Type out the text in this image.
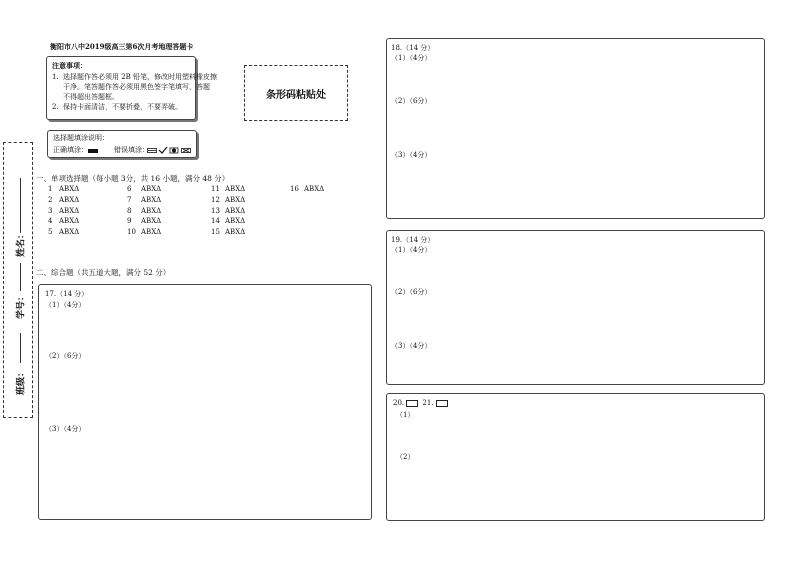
衡阳市八中2019级高三第6次月考地理答题卡
注意事项：
1. 选择题作答必须用 2B 铅笔，修改时用塑料橡皮擦
干净。笔答题作答必须用黑色签字笔填写，答题
不得超出答题框。
2. 保持卡面清洁，不要折叠，不要弄破。
条形码粘贴处
选择题填涂说明：
正确填涂：	错误填涂：
姓名：
学号：
班级：
一、单项选择题（每小题 3分，共 16 小题，满分 48 分）
1 ABXΔ
2 ABXΔ
3 ABXΔ
4 ABXΔ
5 ABXΔ
6 ABXΔ
7 ABXΔ
8 ABXΔ
9 ABXΔ
10 ABXΔ
11 ABXΔ
12 ABXΔ
13 ABXΔ
14 ABXΔ
15 ABXΔ
16 ABXΔ
二、综合题（共五道大题，满分 52 分）
17.（14 分）
（1）（4分）
（2）（6分）
（3）（4分）
18.（14 分）
（1）（4分）
（2）（6分）
（3）（4分）
19.（14 分）
（1）（4分）
（2）（6分）
（3）（4分）
20.	21.
（1）
（2）
